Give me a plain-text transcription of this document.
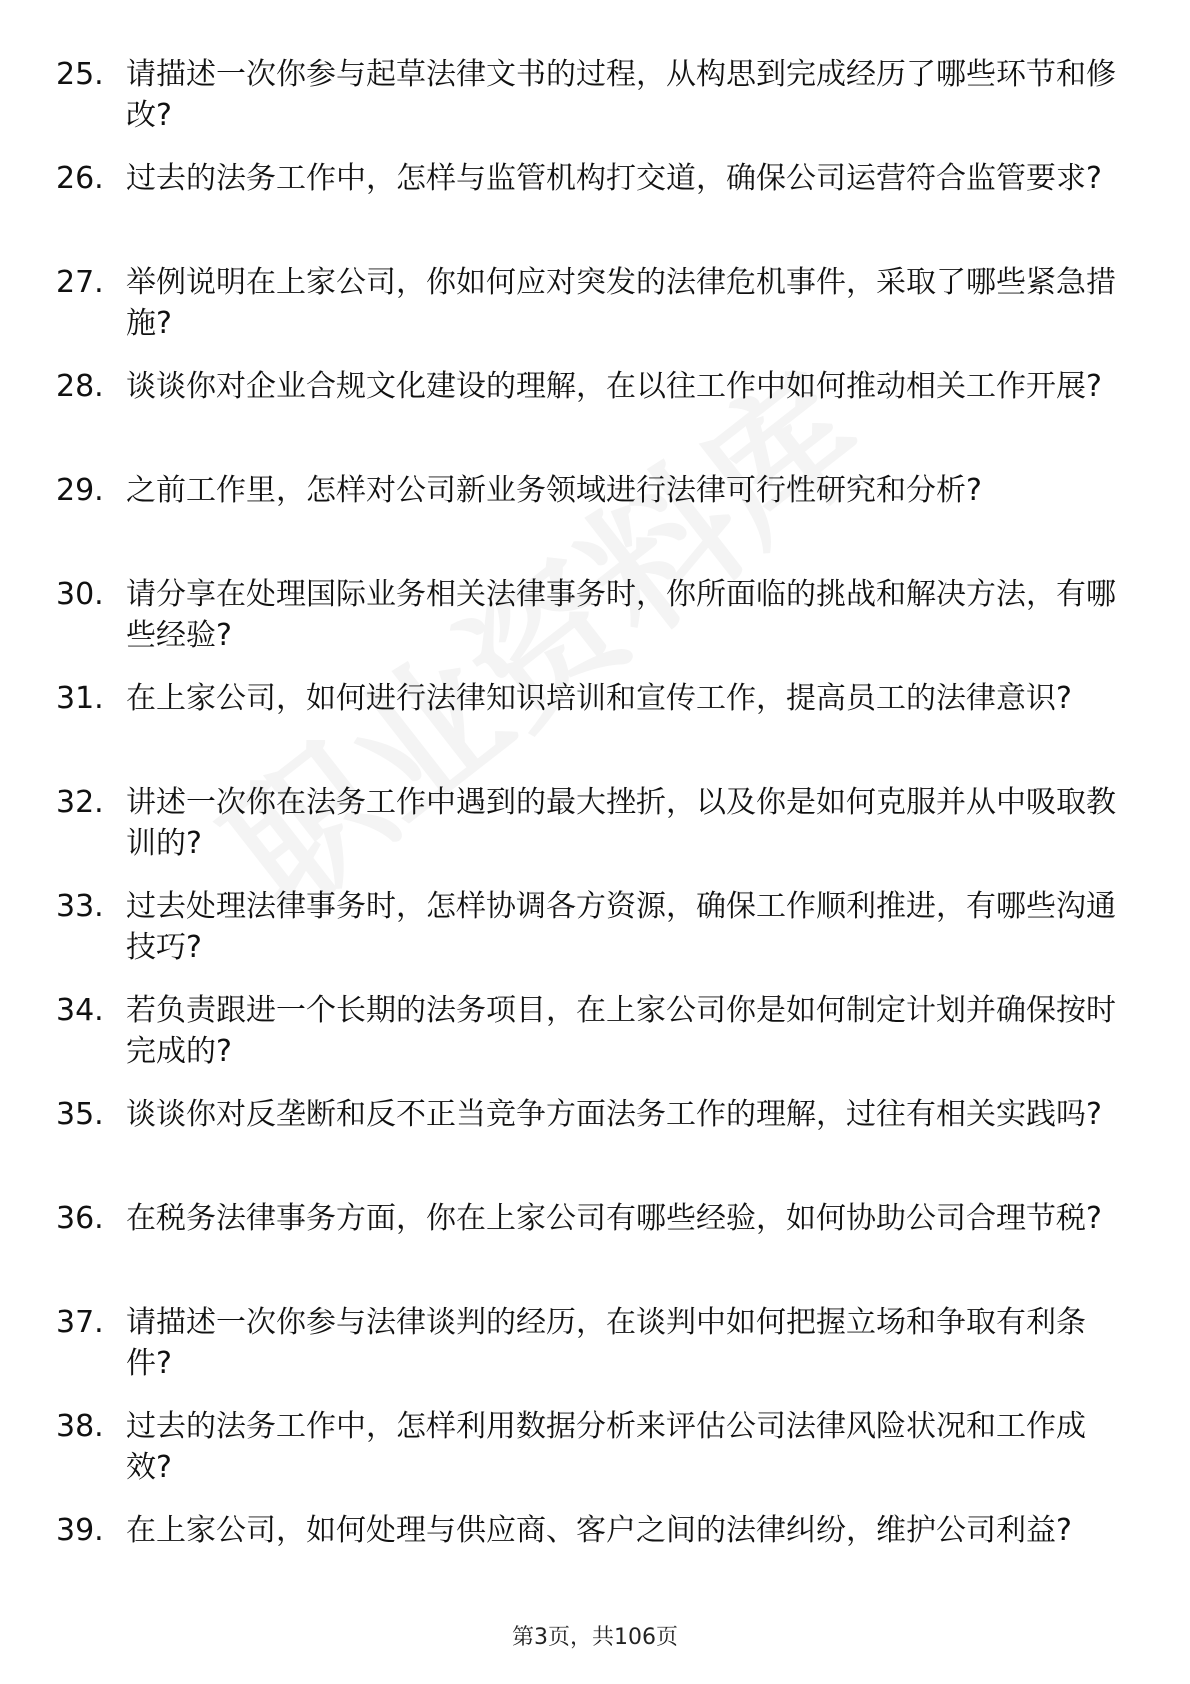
25. 请描述一次你参与起草法律文书的过程，从构思到完成经历了哪些环节和修改?
26. 过去的法务工作中，怎样与监管机构打交道，确保公司运营符合监管要求?
27. 举例说明在上家公司，你如何应对突发的法律危机事件，采取了哪些紧急措施?
28. 谈谈你对企业合规文化建设的理解，在以往工作中如何推动相关工作开展?
29. 之前工作里，怎样对公司新业务领域进行法律可行性研究和分析?
30. 请分享在处理国际业务相关法律事务时，你所面临的挑战和解决方法，有哪些经验?
31. 在上家公司，如何进行法律知识培训和宣传工作，提高员工的法律意识?
32. 讲述一次你在法务工作中遇到的最大挫折，以及你是如何克服并从中吸取教训的?
33. 过去处理法律事务时，怎样协调各方资源，确保工作顺利推进，有哪些沟通技巧?
34. 若负责跟进一个长期的法务项目，在上家公司你是如何制定计划并确保按时完成的?
35. 谈谈你对反垄断和反不正当竞争方面法务工作的理解，过往有相关实践吗?
36. 在税务法律事务方面，你在上家公司有哪些经验，如何协助公司合理节税?
37. 请描述一次你参与法律谈判的经历，在谈判中如何把握立场和争取有利条件?
38. 过去的法务工作中，怎样利用数据分析来评估公司法律风险状况和工作成效?
39. 在上家公司，如何处理与供应商、客户之间的法律纠纷，维护公司利益?
第3页，共106页
